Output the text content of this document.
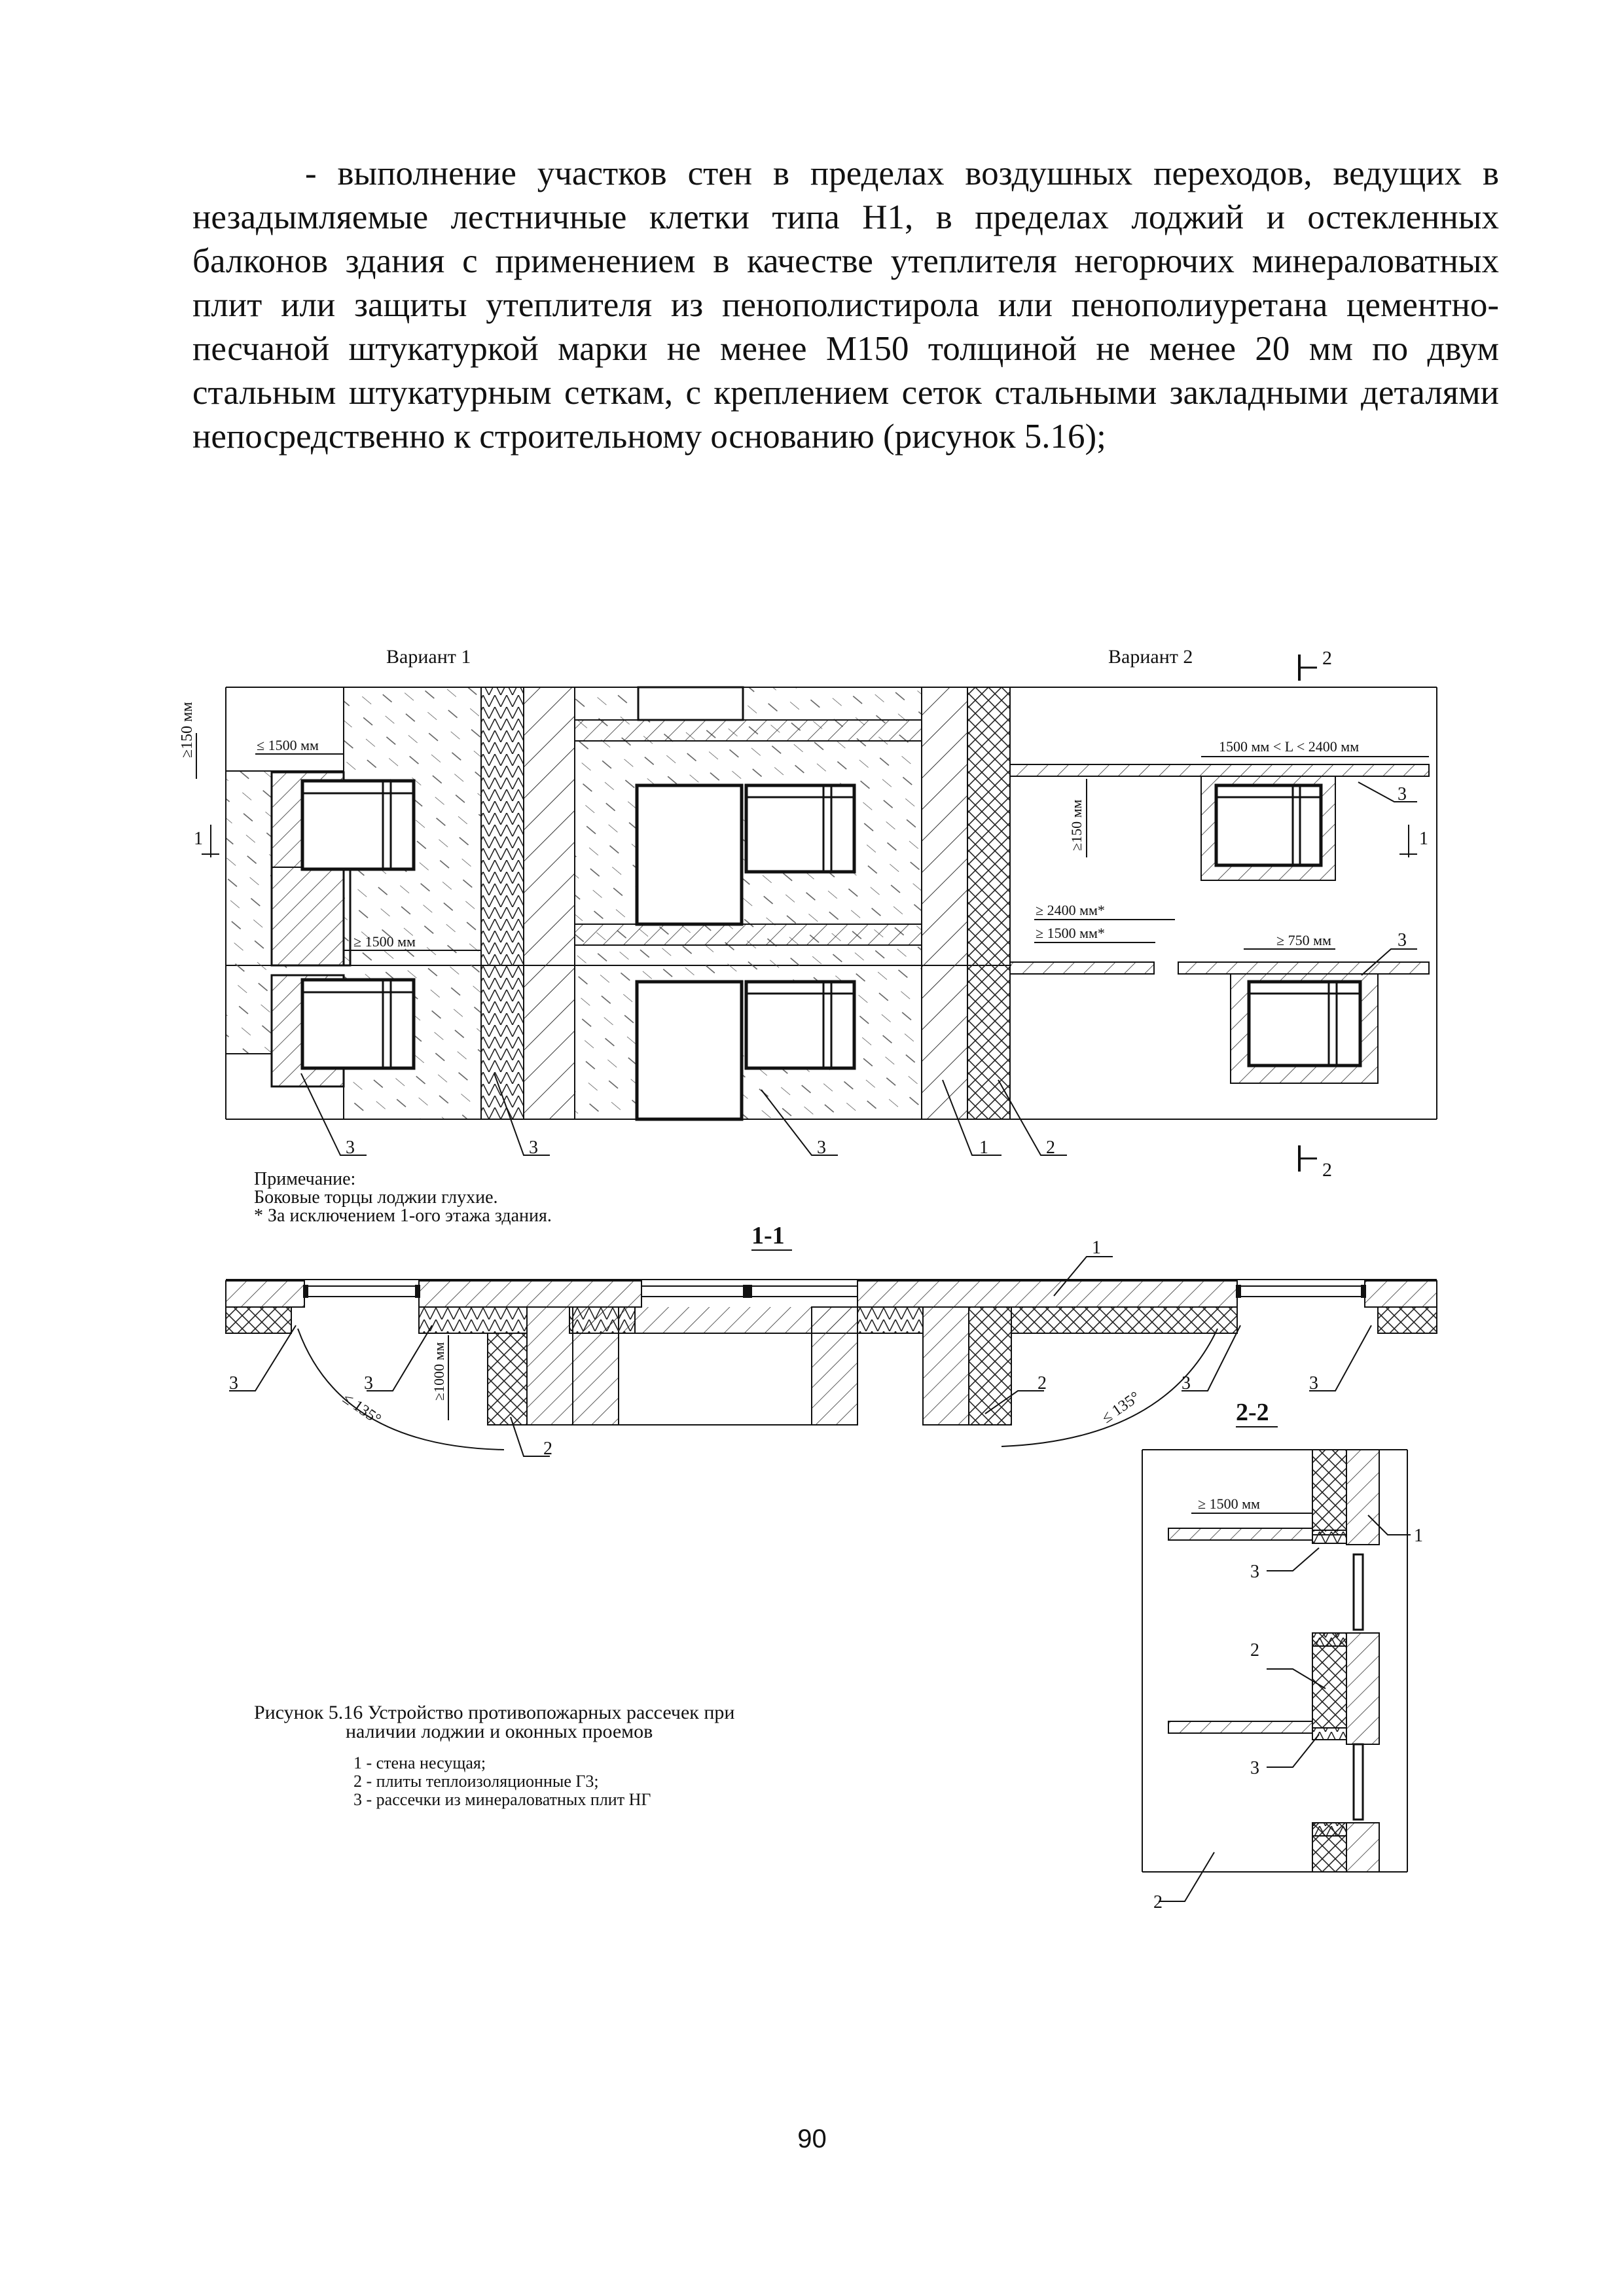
- выполнение участков стен в пределах воздушных переходов, ведущих в незадымляемые лестничные клетки типа Н1, в пределах лоджий и остекленных балконов здания с применением в качестве утеплителя негорючих минераловатных плит или защиты утеплителя из пенополистирола или пенополиуретана цементно-песчаной штукатуркой марки не менее М150 толщиной не менее 20 мм по двум стальным штукатурным сеткам, с креплением сеток стальными закладными деталями непосредственно к строительному основанию (рисунок 5.16);
Вариант 1	Вариант 2	2
≥150 мм	≤ 1500 мм
≥ 1500 мм
1500 мм < L < 2400 мм
≥150 мм
≥ 2400 мм*
≥ 1500 мм*	≥ 750 мм
1	1
3
3
3	3	3	1	2
2
Примечание:
Боковые торцы лоджии глухие.
* За исключением 1-ого этажа здания.
1-1	1
3	3	3	3
2
2
≥1000 мм
≤ 135°	≤ 135°	2-2
≥ 1500 мм
1
3
2
3
2
Рисунок 5.16 Устройство противопожарных рассечек при
наличии лоджии и оконных проемов
1 - стена несущая;
2 - плиты теплоизоляционные Г3;
3 - рассечки из минераловатных плит НГ
90
